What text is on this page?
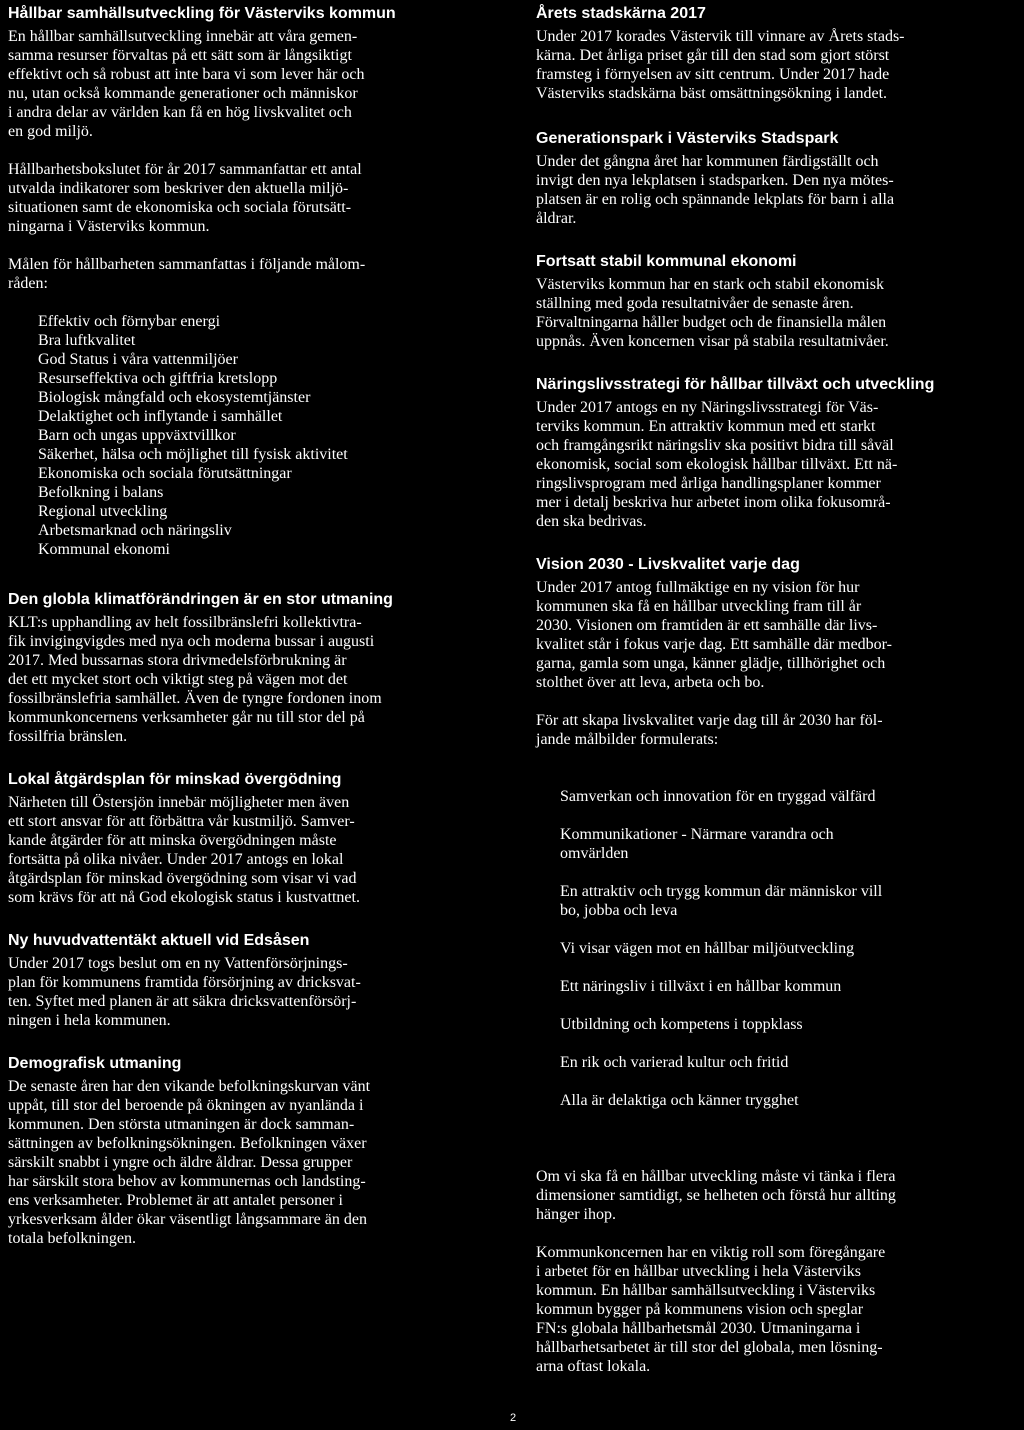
Hållbar samhällsutveckling för Västerviks kommun

En hållbar samhällsutveckling innebär att våra gemen-
samma resurser förvaltas på ett sätt som är långsiktigt
effektivt och så robust att inte bara vi som lever här och
nu, utan också kommande generationer och människor
i andra delar av världen kan få en hög livskvalitet och
en god miljö.

Hållbarhetsbokslutet för år 2017 sammanfattar ett antal
utvalda indikatorer som beskriver den aktuella miljö-
situationen samt de ekonomiska och sociala förutsätt-
ningarna i Västerviks kommun.

Målen för hållbarheten sammanfattas i följande målom-
råden:

Effektiv och förnybar energi
Bra luftkvalitet
God Status i våra vattenmiljöer
Resurseffektiva och giftfria kretslopp
Biologisk mångfald och ekosystemtjänster
Delaktighet och inflytande i samhället
Barn och ungas uppväxtvillkor
Säkerhet, hälsa och möjlighet till fysisk aktivitet
Ekonomiska och sociala förutsättningar
Befolkning i balans
Regional utveckling
Arbetsmarknad och näringsliv
Kommunal ekonomi
Den globla klimatförändringen är en stor utmaning

KLT:s upphandling av helt fossilbränslefri kollektivtra-
fik invigingvigdes med nya och moderna bussar i augusti
2017. Med bussarnas stora drivmedelsförbrukning är
det ett mycket stort och viktigt steg på vägen mot det
fossilbränslefria samhället. Även de tyngre fordonen inom
kommunkoncernens verksamheter går nu till stor del på
fossilfria bränslen.

Lokal åtgärdsplan för minskad övergödning

Närheten till Östersjön innebär möjligheter men även
ett stort ansvar för att förbättra vår kustmiljö. Samver-
kande åtgärder för att minska övergödningen måste
fortsätta på olika nivåer. Under 2017 antogs en lokal
åtgärdsplan för minskad övergödning som visar vi vad
som krävs för att nå God ekologisk status i kustvattnet.

Ny huvudvattentäkt aktuell vid Edsåsen

Under 2017 togs beslut om en ny Vattenförsörjnings-
plan för kommunens framtida försörjning av dricksvat-
ten. Syftet med planen är att säkra dricksvattenförsörj-
ningen i hela kommunen.

Demografisk utmaning

De senaste åren har den vikande befolkningskurvan vänt
uppåt, till stor del beroende på ökningen av nyanlända i
kommunen. Den största utmaningen är dock samman-
sättningen av befolkningsökningen. Befolkningen växer
särskilt snabbt i yngre och äldre åldrar. Dessa grupper
har särskilt stora behov av kommunernas och landsting-
ens verksamheter. Problemet är att antalet personer i
yrkesverksam ålder ökar väsentligt långsammare än den
totala befolkningen.

Årets stadskärna 2017

Under 2017 korades Västervik till vinnare av Årets stads-
kärna. Det årliga priset går till den stad som gjort störst
framsteg i förnyelsen av sitt centrum. Under 2017 hade
Västerviks stadskärna bäst omsättningsökning i landet.

Generationspark i Västerviks Stadspark

Under det gångna året har kommunen färdigställt och
invigt den nya lekplatsen i stadsparken. Den nya mötes-
platsen är en rolig och spännande lekplats för barn i alla
åldrar.

Fortsatt stabil kommunal ekonomi

Västerviks kommun har en stark och stabil ekonomisk
ställning med goda resultatnivåer de senaste åren.
Förvaltningarna håller budget och de finansiella målen
uppnås. Även koncernen visar på stabila resultatnivåer.

Näringslivsstrategi för hållbar tillväxt och utveckling

Under 2017 antogs en ny Näringslivsstrategi för Väs-
terviks kommun. En attraktiv kommun med ett starkt
och framgångsrikt näringsliv ska positivt bidra till såväl
ekonomisk, social som ekologisk hållbar tillväxt. Ett nä-
ringslivsprogram med årliga handlingsplaner kommer
mer i detalj beskriva hur arbetet inom olika fokusområ-
den ska bedrivas.

Vision 2030 - Livskvalitet varje dag

Under 2017 antog fullmäktige en ny vision för hur
kommunen ska få en hållbar utveckling fram till år
2030. Visionen om framtiden är ett samhälle där livs-
kvalitet står i fokus varje dag. Ett samhälle där medbor-
garna, gamla som unga, känner glädje, tillhörighet och
stolthet över att leva, arbeta och bo.

För att skapa livskvalitet varje dag till år 2030 har föl-
jande målbilder formulerats:

Samverkan och innovation för en tryggad välfärd

Kommunikationer - Närmare varandra och
omvärlden

En attraktiv och trygg kommun där människor vill
bo, jobba och leva

Vi visar vägen mot en hållbar miljöutveckling

Ett näringsliv i tillväxt i en hållbar kommun

Utbildning och kompetens i toppklass

En rik och varierad kultur och fritid

Alla är delaktiga och känner trygghet

Om vi ska få en hållbar utveckling måste vi tänka i flera
dimensioner samtidigt, se helheten och förstå hur allting
hänger ihop.

Kommunkoncernen har en viktig roll som föregångare
i arbetet för en hållbar utveckling i hela Västerviks
kommun. En hållbar samhällsutveckling i Västerviks
kommun bygger på kommunens vision och speglar
FN:s globala hållbarhetsmål 2030. Utmaningarna i
hållbarhetsarbetet är till stor del globala, men lösning-
arna oftast lokala.

2
